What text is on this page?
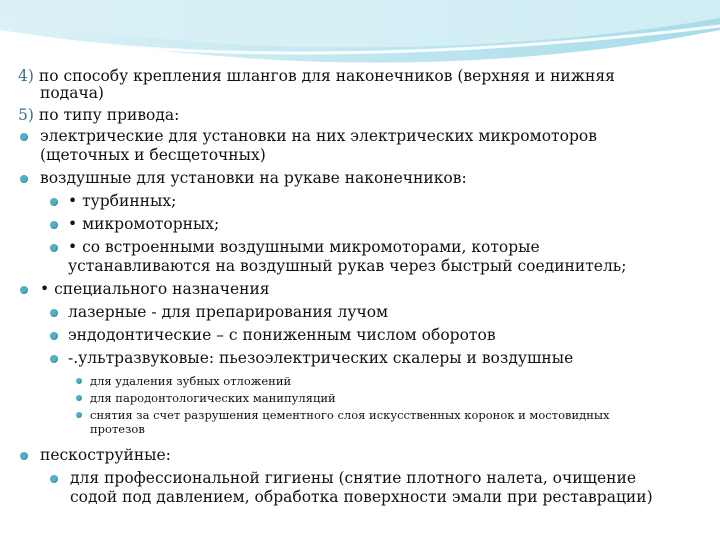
4) по способу крепления шлангов для наконечников (верхняя и нижняя
подача)
5) по типу привода:
электрические для установки на них электрических микромоторов
(щеточных и бесщеточных)
воздушные для установки на рукаве наконечников:
• турбинных;
• микромоторных;
• со встроенными воздушными микромоторами, которые
устанавливаются на воздушный рукав через быстрый соединитель;
• специального назначения
лазерные - для препарирования лучом
эндодонтические – с пониженным числом оборотов
-.ультразвуковые: пьезоэлектрических скалеры и воздушные
для удаления зубных отложений
для пародонтологических манипуляций
снятия за счет разрушения цементного слоя искусственных коронок и мостовидных
протезов
пескоструйные:
для профессиональной гигиены (снятие плотного налета, очищение
содой под давлением, обработка поверхности эмали при реставрации)
